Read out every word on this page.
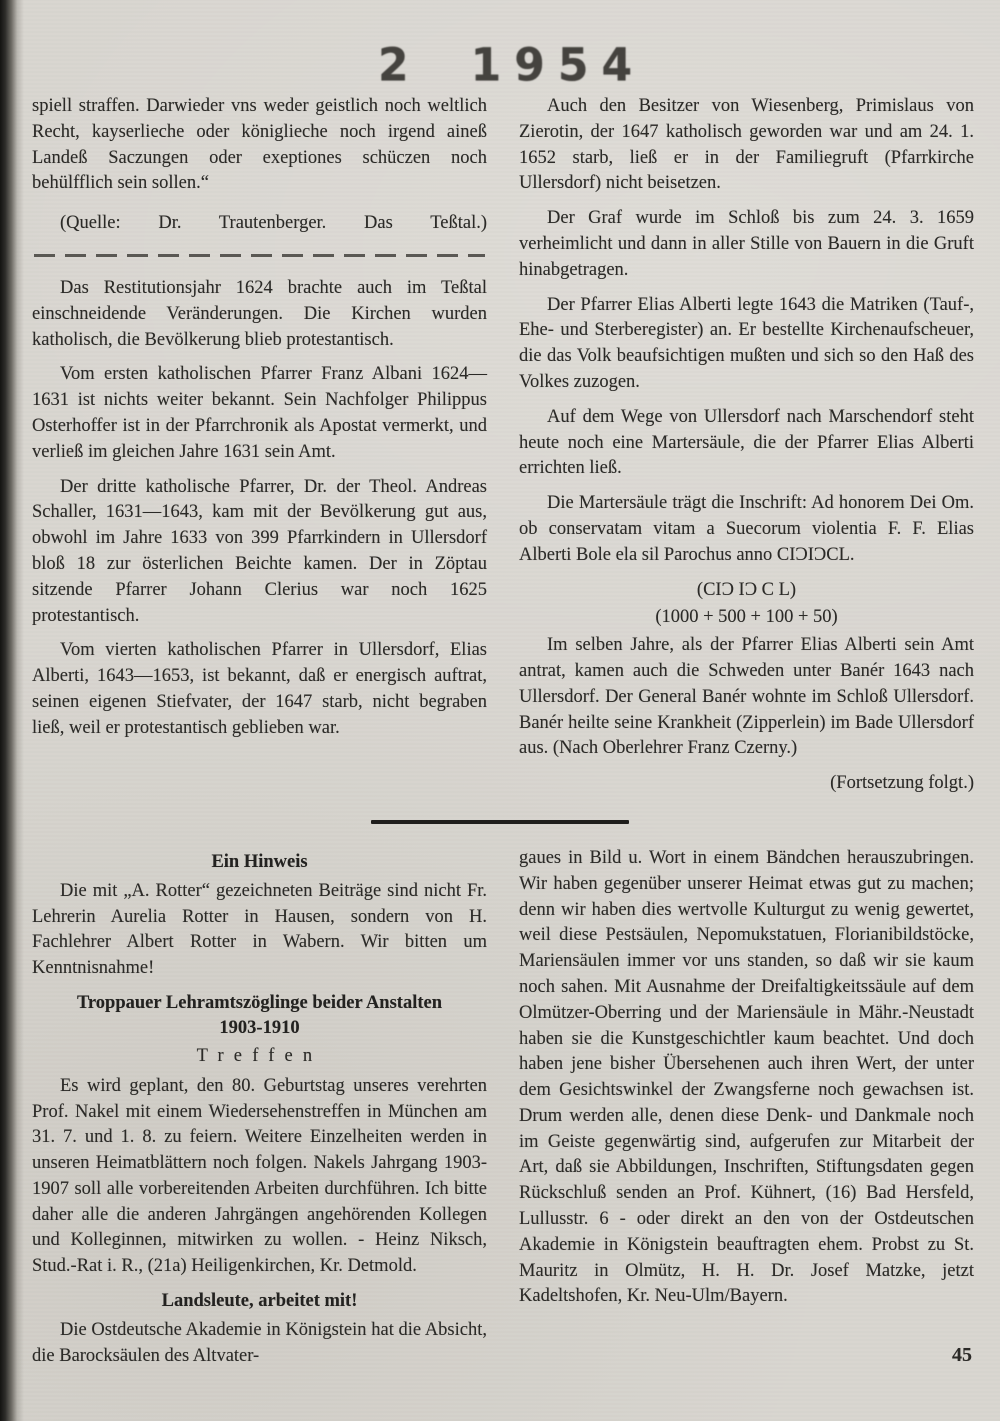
2 1954

spiell straffen. Darwieder vns weder geistlich noch weltlich Recht, kayserlieche oder königlieche noch irgend aineß Landeß Saczungen oder exeptiones schüczen noch behülfflich sein sollen.“

(Quelle: Dr. Trautenberger. Das Teßtal.)

Das Restitutionsjahr 1624 brachte auch im Teßtal einschneidende Veränderungen. Die Kirchen wurden katholisch, die Bevölkerung blieb protestantisch.

Vom ersten katholischen Pfarrer Franz Albani 1624—1631 ist nichts weiter bekannt. Sein Nachfolger Philippus Osterhoffer ist in der Pfarrchronik als Apostat vermerkt, und verließ im gleichen Jahre 1631 sein Amt.

Der dritte katholische Pfarrer, Dr. der Theol. Andreas Schaller, 1631—1643, kam mit der Bevölkerung gut aus, obwohl im Jahre 1633 von 399 Pfarrkindern in Ullersdorf bloß 18 zur österlichen Beichte kamen. Der in Zöptau sitzende Pfarrer Johann Clerius war noch 1625 protestantisch.

Vom vierten katholischen Pfarrer in Ullersdorf, Elias Alberti, 1643—1653, ist bekannt, daß er energisch auftrat, seinen eigenen Stiefvater, der 1647 starb, nicht begraben ließ, weil er protestantisch geblieben war.

Auch den Besitzer von Wiesenberg, Primislaus von Zierotin, der 1647 katholisch geworden war und am 24. 1. 1652 starb, ließ er in der Familiegruft (Pfarrkirche Ullersdorf) nicht beisetzen.

Der Graf wurde im Schloß bis zum 24. 3. 1659 verheimlicht und dann in aller Stille von Bauern in die Gruft hinabgetragen.

Der Pfarrer Elias Alberti legte 1643 die Matriken (Tauf-, Ehe- und Sterberegister) an. Er bestellte Kirchenaufscheuer, die das Volk beaufsichtigen mußten und sich so den Haß des Volkes zuzogen.

Auf dem Wege von Ullersdorf nach Marschendorf steht heute noch eine Martersäule, die der Pfarrer Elias Alberti errichten ließ.

Die Martersäule trägt die Inschrift: Ad honorem Dei Om. ob conservatam vitam a Suecorum violentia F. F. Elias Alberti Bole ela sil Parochus anno CIƆIƆCL.

(CIƆ IƆ C L)

(1000 + 500 + 100 + 50)

Im selben Jahre, als der Pfarrer Elias Alberti sein Amt antrat, kamen auch die Schweden unter Banér 1643 nach Ullersdorf. Der General Banér wohnte im Schloß Ullersdorf. Banér heilte seine Krankheit (Zipperlein) im Bade Ullersdorf aus. (Nach Oberlehrer Franz Czerny.)

(Fortsetzung folgt.)

Ein Hinweis

Die mit „A. Rotter“ gezeichneten Beiträge sind nicht Fr. Lehrerin Aurelia Rotter in Hausen, sondern von H. Fachlehrer Albert Rotter in Wabern. Wir bitten um Kenntnisnahme!

Troppauer Lehramtszöglinge beider Anstalten

1903-1910

Treffen

Es wird geplant, den 80. Geburtstag unseres verehrten Prof. Nakel mit einem Wiedersehenstreffen in München am 31. 7. und 1. 8. zu feiern. Weitere Einzelheiten werden in unseren Heimatblättern noch folgen. Nakels Jahrgang 1903-1907 soll alle vorbereitenden Arbeiten durchführen. Ich bitte daher alle die anderen Jahrgängen angehörenden Kollegen und Kolleginnen, mitwirken zu wollen. - Heinz Niksch, Stud.-Rat i. R., (21a) Heiligenkirchen, Kr. Detmold.

Landsleute, arbeitet mit!

Die Ostdeutsche Akademie in Königstein hat die Absicht, die Barocksäulen des Altvater-

gaues in Bild u. Wort in einem Bändchen herauszubringen. Wir haben gegenüber unserer Heimat etwas gut zu machen; denn wir haben dies wertvolle Kulturgut zu wenig gewertet, weil diese Pestsäulen, Nepomukstatuen, Florianibildstöcke, Mariensäulen immer vor uns standen, so daß wir sie kaum noch sahen. Mit Ausnahme der Dreifaltigkeitssäule auf dem Olmützer-Oberring und der Mariensäule in Mähr.-Neustadt haben sie die Kunstgeschichtler kaum beachtet. Und doch haben jene bisher Übersehenen auch ihren Wert, der unter dem Gesichtswinkel der Zwangsferne noch gewachsen ist. Drum werden alle, denen diese Denk- und Dankmale noch im Geiste gegenwärtig sind, aufgerufen zur Mitarbeit der Art, daß sie Abbildungen, Inschriften, Stiftungsdaten gegen Rückschluß senden an Prof. Kühnert, (16) Bad Hersfeld, Lullusstr. 6 - oder direkt an den von der Ostdeutschen Akademie in Königstein beauftragten ehem. Probst zu St. Mauritz in Olmütz, H. H. Dr. Josef Matzke, jetzt Kadeltshofen, Kr. Neu-Ulm/Bayern.

45
